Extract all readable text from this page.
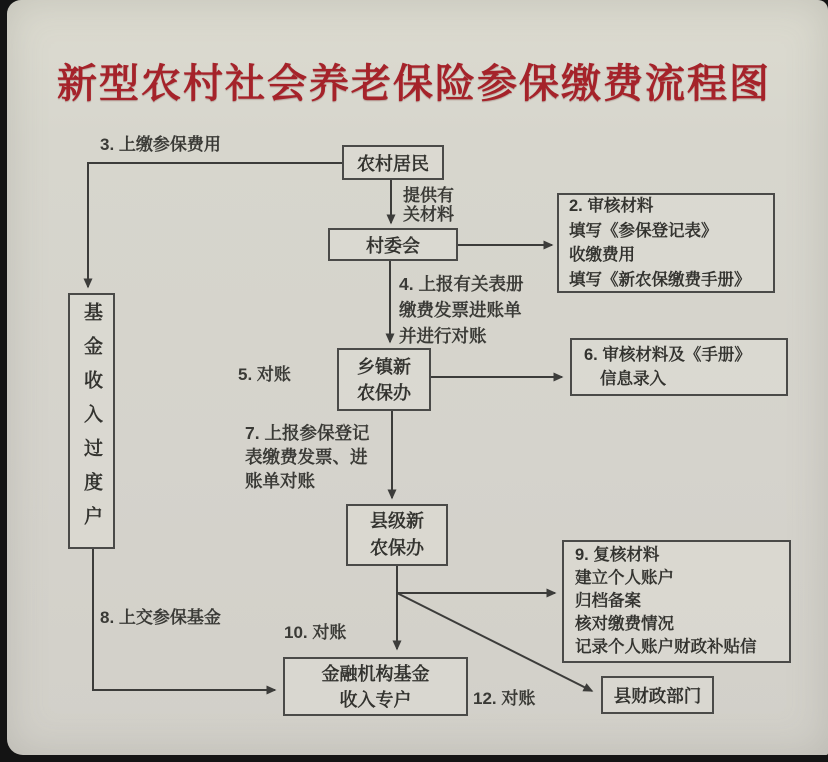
新型农村社会养老保险参保缴费流程图
3. 上缴参保费用
提供有
关材料
4. 上报有关表册
缴费发票进账单
并进行对账
5. 对账
7. 上报参保登记
表缴费发票、进
账单对账
8. 上交参保基金
10. 对账
12. 对账
农村居民
村委会
2. 审核材料
填写《参保登记表》
收缴费用
填写《新农保缴费手册》
乡镇新
农保办
6. 审核材料及《手册》
信息录入
县级新
农保办	9. 复核材料
建立个人账户
归档备案
核对缴费情况
记录个人账户财政补贴信
基金收入过度户
金融机构基金
收入专户	县财政部门
